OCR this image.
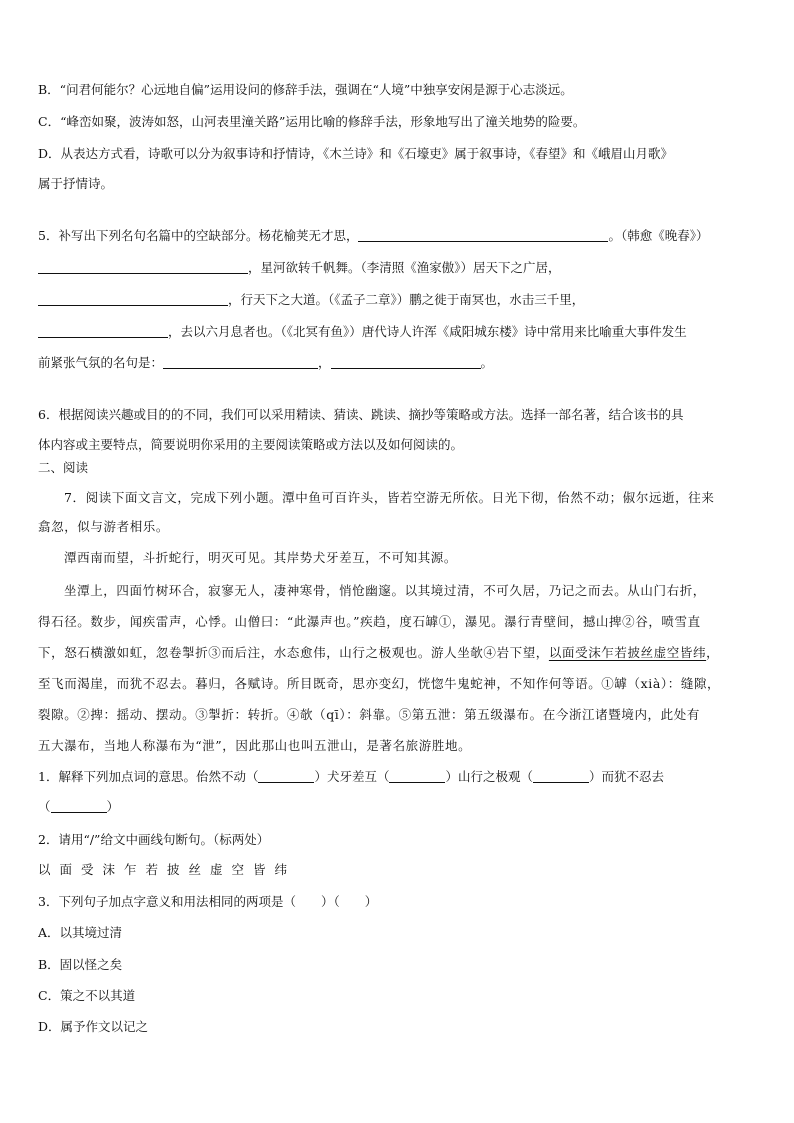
B．“问君何能尔？心远地自偏”运用设问的修辞手法，强调在“人境”中独享安闲是源于心志淡远。
C．“峰峦如聚，波涛如怒，山河表里潼关路”运用比喻的修辞手法，形象地写出了潼关地势的险要。
D．从表达方式看，诗歌可以分为叙事诗和抒情诗，《木兰诗》和《石壕吏》属于叙事诗，《春望》和《峨眉山月歌》
属于抒情诗。
5．补写出下列名句名篇中的空缺部分。杨花榆荚无才思，	。（韩愈《晚春》）
，星河欲转千帆舞。（李清照《渔家傲》）居天下之广居，
，行天下之大道。（《孟子二章》）鹏之徙于南冥也，水击三千里，
，去以六月息者也。（《北冥有鱼》）唐代诗人许浑《咸阳城东楼》诗中常用来比喻重大事件发生
前紧张气氛的名句是：	，	。
6．根据阅读兴趣或目的的不同，我们可以采用精读、猜读、跳读、摘抄等策略或方法。选择一部名著，结合该书的具
体内容或主要特点，简要说明你采用的主要阅读策略或方法以及如何阅读的。
二、阅读
7．阅读下面文言文，完成下列小题。潭中鱼可百许头，皆若空游无所依。日光下彻，佁然不动；俶尔远逝，往来
翕忽，似与游者相乐。
潭西南而望，斗折蛇行，明灭可见。其岸势犬牙差互，不可知其源。
坐潭上，四面竹树环合，寂寥无人，凄神寒骨，悄怆幽邃。以其境过清，不可久居，乃记之而去。从山门右折，
得石径。数步，闻疾雷声，心悸。山僧曰：“此瀑声也。”疾趋，度石罅①，瀑见。瀑行青壁间，撼山捭②谷，喷雪直
下，怒石横激如虹，忽卷掣折③而后注，水态愈伟，山行之极观也。游人坐欹④岩下望，以面受沫乍若披丝虚空皆纬，
至飞而渴崖，而犹不忍去。暮归，各赋诗。所目既奇，思亦变幻，恍惚牛鬼蛇神，不知作何等语。①罅（xià）：缝隙，
裂隙。②捭：摇动、摆动。③掣折：转折。④欹（qī）：斜靠。⑤第五泄：第五级瀑布。在今浙江诸暨境内，此处有
五大瀑布，当地人称瀑布为“泄”，因此那山也叫五泄山，是著名旅游胜地。
1．解释下列加点词的意思。佁然不动（	）犬牙差互（	）山行之极观（	）而犹不忍去
（	）
2．请用“/”给文中画线句断句。（标两处）
以面受沫乍若披丝虚空皆纬
3．下列句子加点字意义和用法相同的两项是（　　）（　　）
A．以其境过清
B．固以怪之矣
C．策之不以其道
D．属予作文以记之
